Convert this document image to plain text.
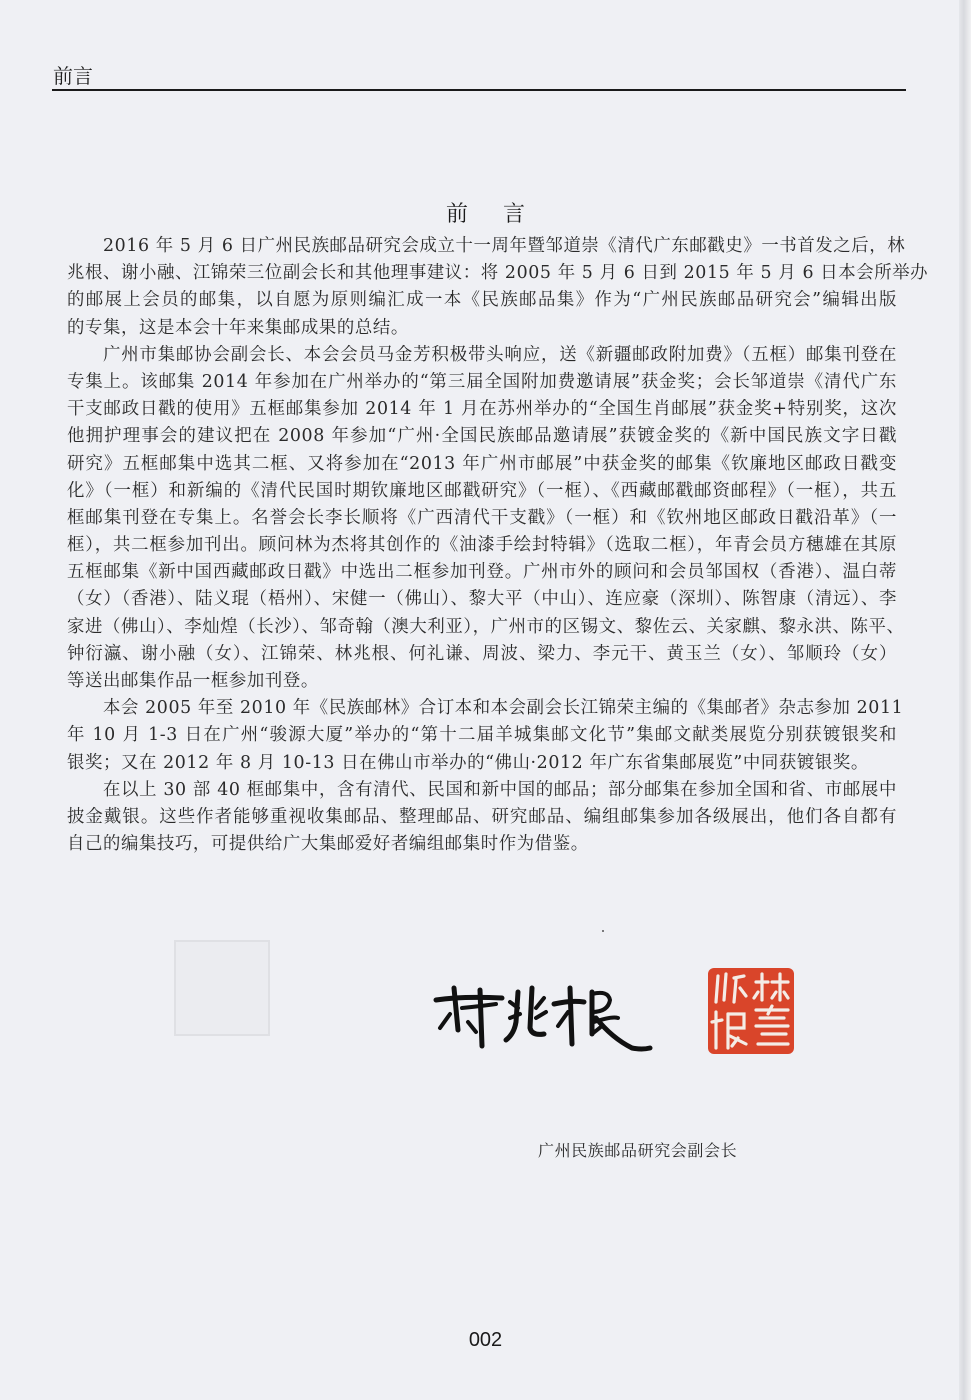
前言
前 言

2016 年 5 月 6 日广州民族邮品研究会成立十一周年暨邹道崇《清代广东邮戳史》一书首发之后，林
兆根、谢小融、江锦荣三位副会长和其他理事建议：将 2005 年 5 月 6 日到 2015 年 5 月 6 日本会所举办
的邮展上会员的邮集，以自愿为原则编汇成一本《民族邮品集》作为“广州民族邮品研究会”编辑出版
的专集，这是本会十年来集邮成果的总结。

广州市集邮协会副会长、本会会员马金芳积极带头响应，送《新疆邮政附加费》（五框）邮集刊登在
专集上。该邮集 2014 年参加在广州举办的“第三届全国附加费邀请展”获金奖；会长邹道崇《清代广东
干支邮政日戳的使用》五框邮集参加 2014 年 1 月在苏州举办的“全国生肖邮展”获金奖+特别奖，这次
他拥护理事会的建议把在 2008 年参加“广州·全国民族邮品邀请展”获镀金奖的《新中国民族文字日戳
研究》五框邮集中选其二框、又将参加在“2013 年广州市邮展”中获金奖的邮集《钦廉地区邮政日戳变
化》（一框）和新编的《清代民国时期钦廉地区邮戳研究》（一框）、《西藏邮戳邮资邮程》（一框），共五
框邮集刊登在专集上。名誉会长李长顺将《广西清代干支戳》（一框）和《钦州地区邮政日戳沿革》（一
框），共二框参加刊出。顾问林为杰将其创作的《油漆手绘封特辑》（选取二框），年青会员方穗雄在其原
五框邮集《新中国西藏邮政日戳》中选出二框参加刊登。广州市外的顾问和会员邹国权（香港）、温白蒂
（女）（香港）、陆义琨（梧州）、宋健一（佛山）、黎大平（中山）、连应豪（深圳）、陈智康（清远）、李
家进（佛山）、李灿煌（长沙）、邹奇翰（澳大利亚），广州市的区锡文、黎佐云、关家麒、黎永洪、陈平、
钟衍瀛、谢小融（女）、江锦荣、林兆根、何礼谦、周波、梁力、李元干、黄玉兰（女）、邹顺玲（女）
等送出邮集作品一框参加刊登。

本会 2005 年至 2010 年《民族邮林》合订本和本会副会长江锦荣主编的《集邮者》杂志参加 2011
年 10 月 1-3 日在广州“骏源大厦”举办的“第十二届羊城集邮文化节”集邮文献类展览分别获镀银奖和
银奖；又在 2012 年 8 月 10-13 日在佛山市举办的“佛山·2012 年广东省集邮展览”中同获镀银奖。

在以上 30 部 40 框邮集中，含有清代、民国和新中国的邮品；部分邮集在参加全国和省、市邮展中
披金戴银。这些作者能够重视收集邮品、整理邮品、研究邮品、编组邮集参加各级展出，他们各自都有
自己的编集技巧，可提供给广大集邮爱好者编组邮集时作为借鉴。

广州民族邮品研究会副会长
002
